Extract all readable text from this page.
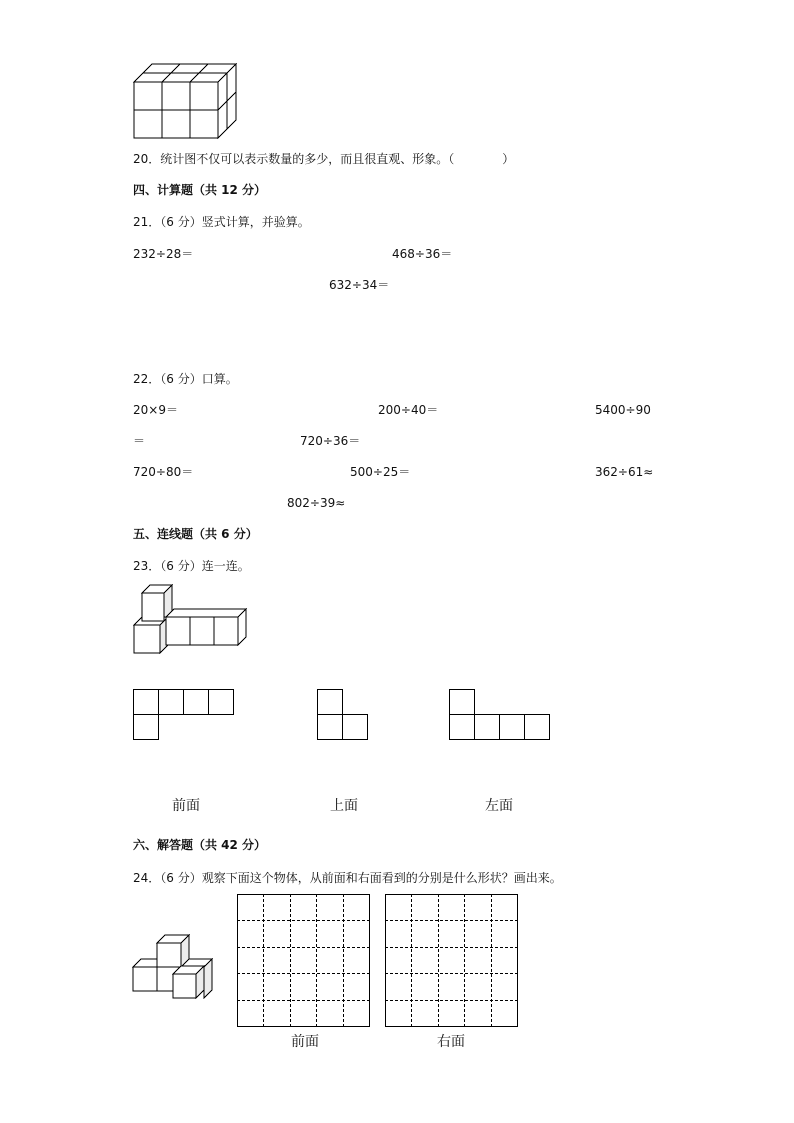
20．统计图不仅可以表示数量的多少，而且很直观、形象。（　　　　）
四、计算题（共 12 分）
21．（6 分）竖式计算，并验算。
232÷28＝	468÷36＝
632÷34＝
22．（6 分）口算。
20×9＝	200÷40＝	5400÷90
＝	720÷36＝
720÷80＝	500÷25＝	362÷61≈
802÷39≈
五、连线题（共 6 分）
23．（6 分）连一连。
前面	上面	左面
六、解答题（共 42 分）
24．（6 分）观察下面这个物体，从前面和右面看到的分别是什么形状？画出来。
前面	右面
